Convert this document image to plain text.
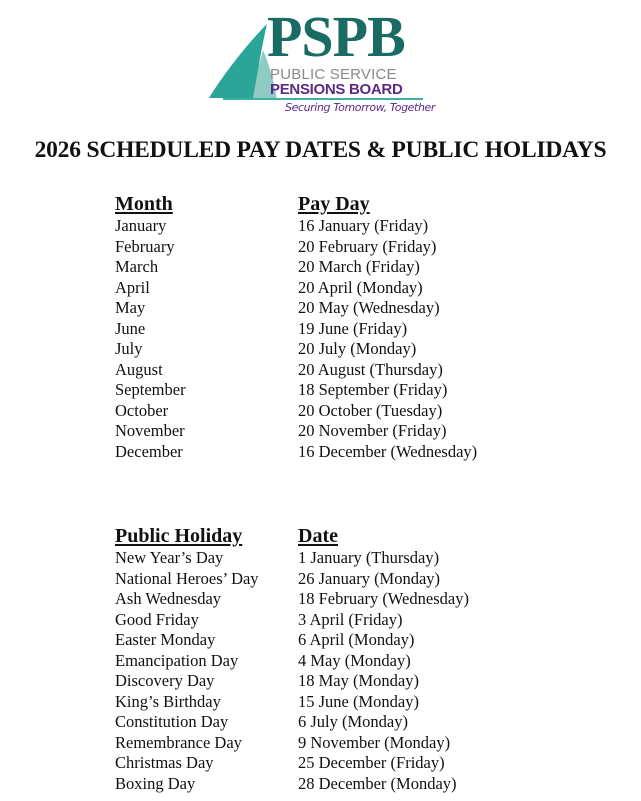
PSPB
PUBLIC SERVICE
PENSIONS BOARD
Securing Tomorrow, Together
2026 SCHEDULED PAY DATES & PUBLIC HOLIDAYS
Month	Pay Day
January	16 January (Friday)
February	20 February (Friday)
March	20 March (Friday)
April	20 April (Monday)
May	20 May (Wednesday)
June	19 June (Friday)
July	20 July (Monday)
August	20 August (Thursday)
September	18 September (Friday)
October	20 October (Tuesday)
November	20 November (Friday)
December	16 December (Wednesday)
Public Holiday	Date
New Year’s Day	1 January (Thursday)
National Heroes’ Day	26 January (Monday)
Ash Wednesday	18 February (Wednesday)
Good Friday	3 April (Friday)
Easter Monday	6 April (Monday)
Emancipation Day	4 May (Monday)
Discovery Day	18 May (Monday)
King’s Birthday	15 June (Monday)
Constitution Day	6 July (Monday)
Remembrance Day	9 November (Monday)
Christmas Day	25 December (Friday)
Boxing Day	28 December (Monday)
